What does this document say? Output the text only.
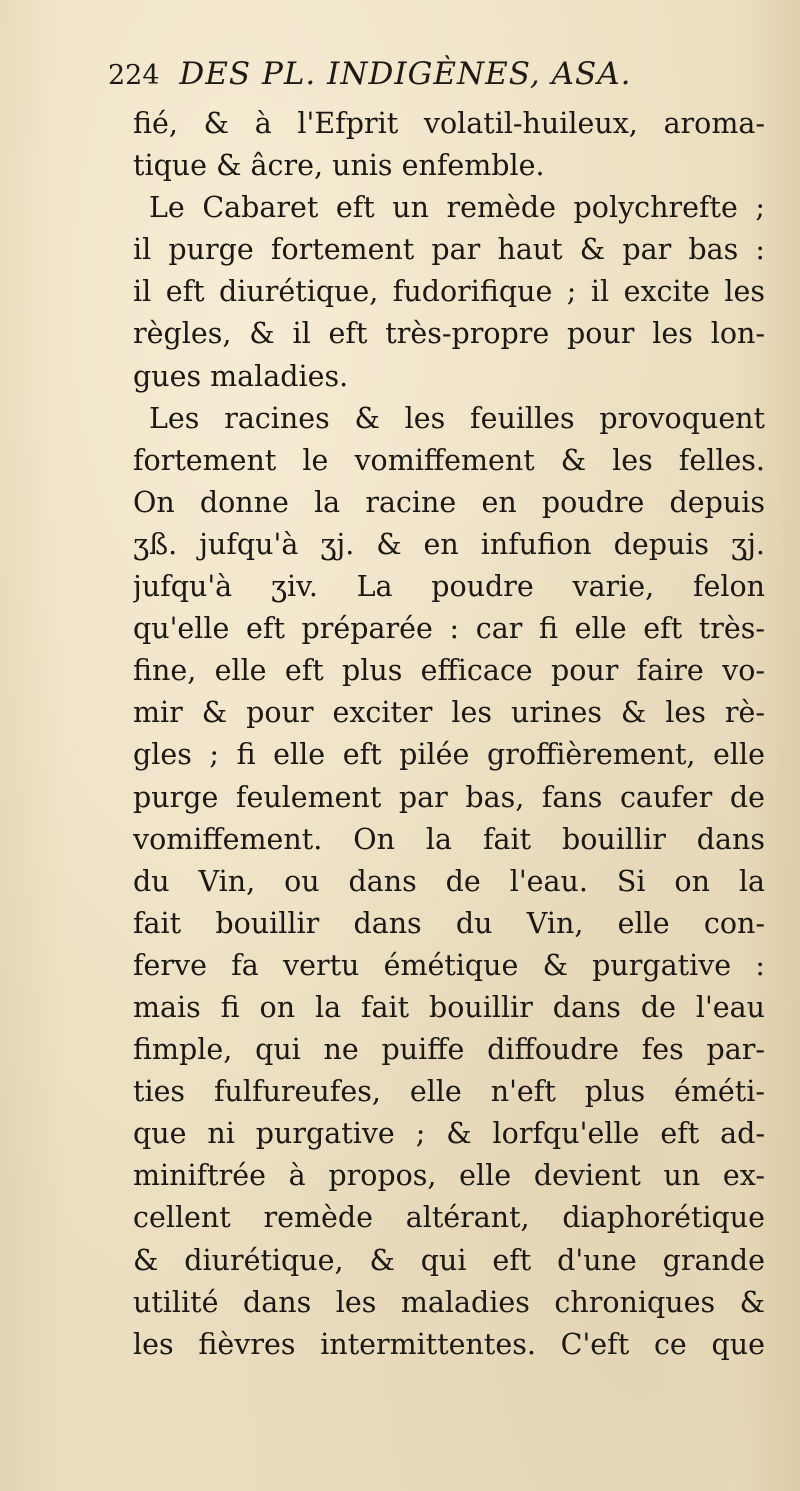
224 DES PL. INDIGÈNES, ASA.
fié, & à l'Efprit volatil-huileux, aroma-
tique & âcre, unis enfemble.
Le Cabaret eft un remède polychrefte ;
il purge fortement par haut & par bas :
il eft diurétique, fudorifique ; il excite les
règles, & il eft très-propre pour les lon-
gues maladies.
Les racines & les feuilles provoquent
fortement le vomiffement & les felles.
On donne la racine en poudre depuis
ʒß. jufqu'à ʒj. & en infufion depuis ʒj.
jufqu'à ʒiv. La poudre varie, felon
qu'elle eft préparée : car fi elle eft très-
fine, elle eft plus efficace pour faire vo-
mir & pour exciter les urines & les rè-
gles ; fi elle eft pilée groffièrement, elle
purge feulement par bas, fans caufer de
vomiffement. On la fait bouillir dans
du Vin, ou dans de l'eau. Si on la
fait bouillir dans du Vin, elle con-
ferve fa vertu émétique & purgative :
mais fi on la fait bouillir dans de l'eau
fimple, qui ne puiffe diffoudre fes par-
ties fulfureufes, elle n'eft plus éméti-
que ni purgative ; & lorfqu'elle eft ad-
miniftrée à propos, elle devient un ex-
cellent remède altérant, diaphorétique
& diurétique, & qui eft d'une grande
utilité dans les maladies chroniques &
les fièvres intermittentes. C'eft ce que
